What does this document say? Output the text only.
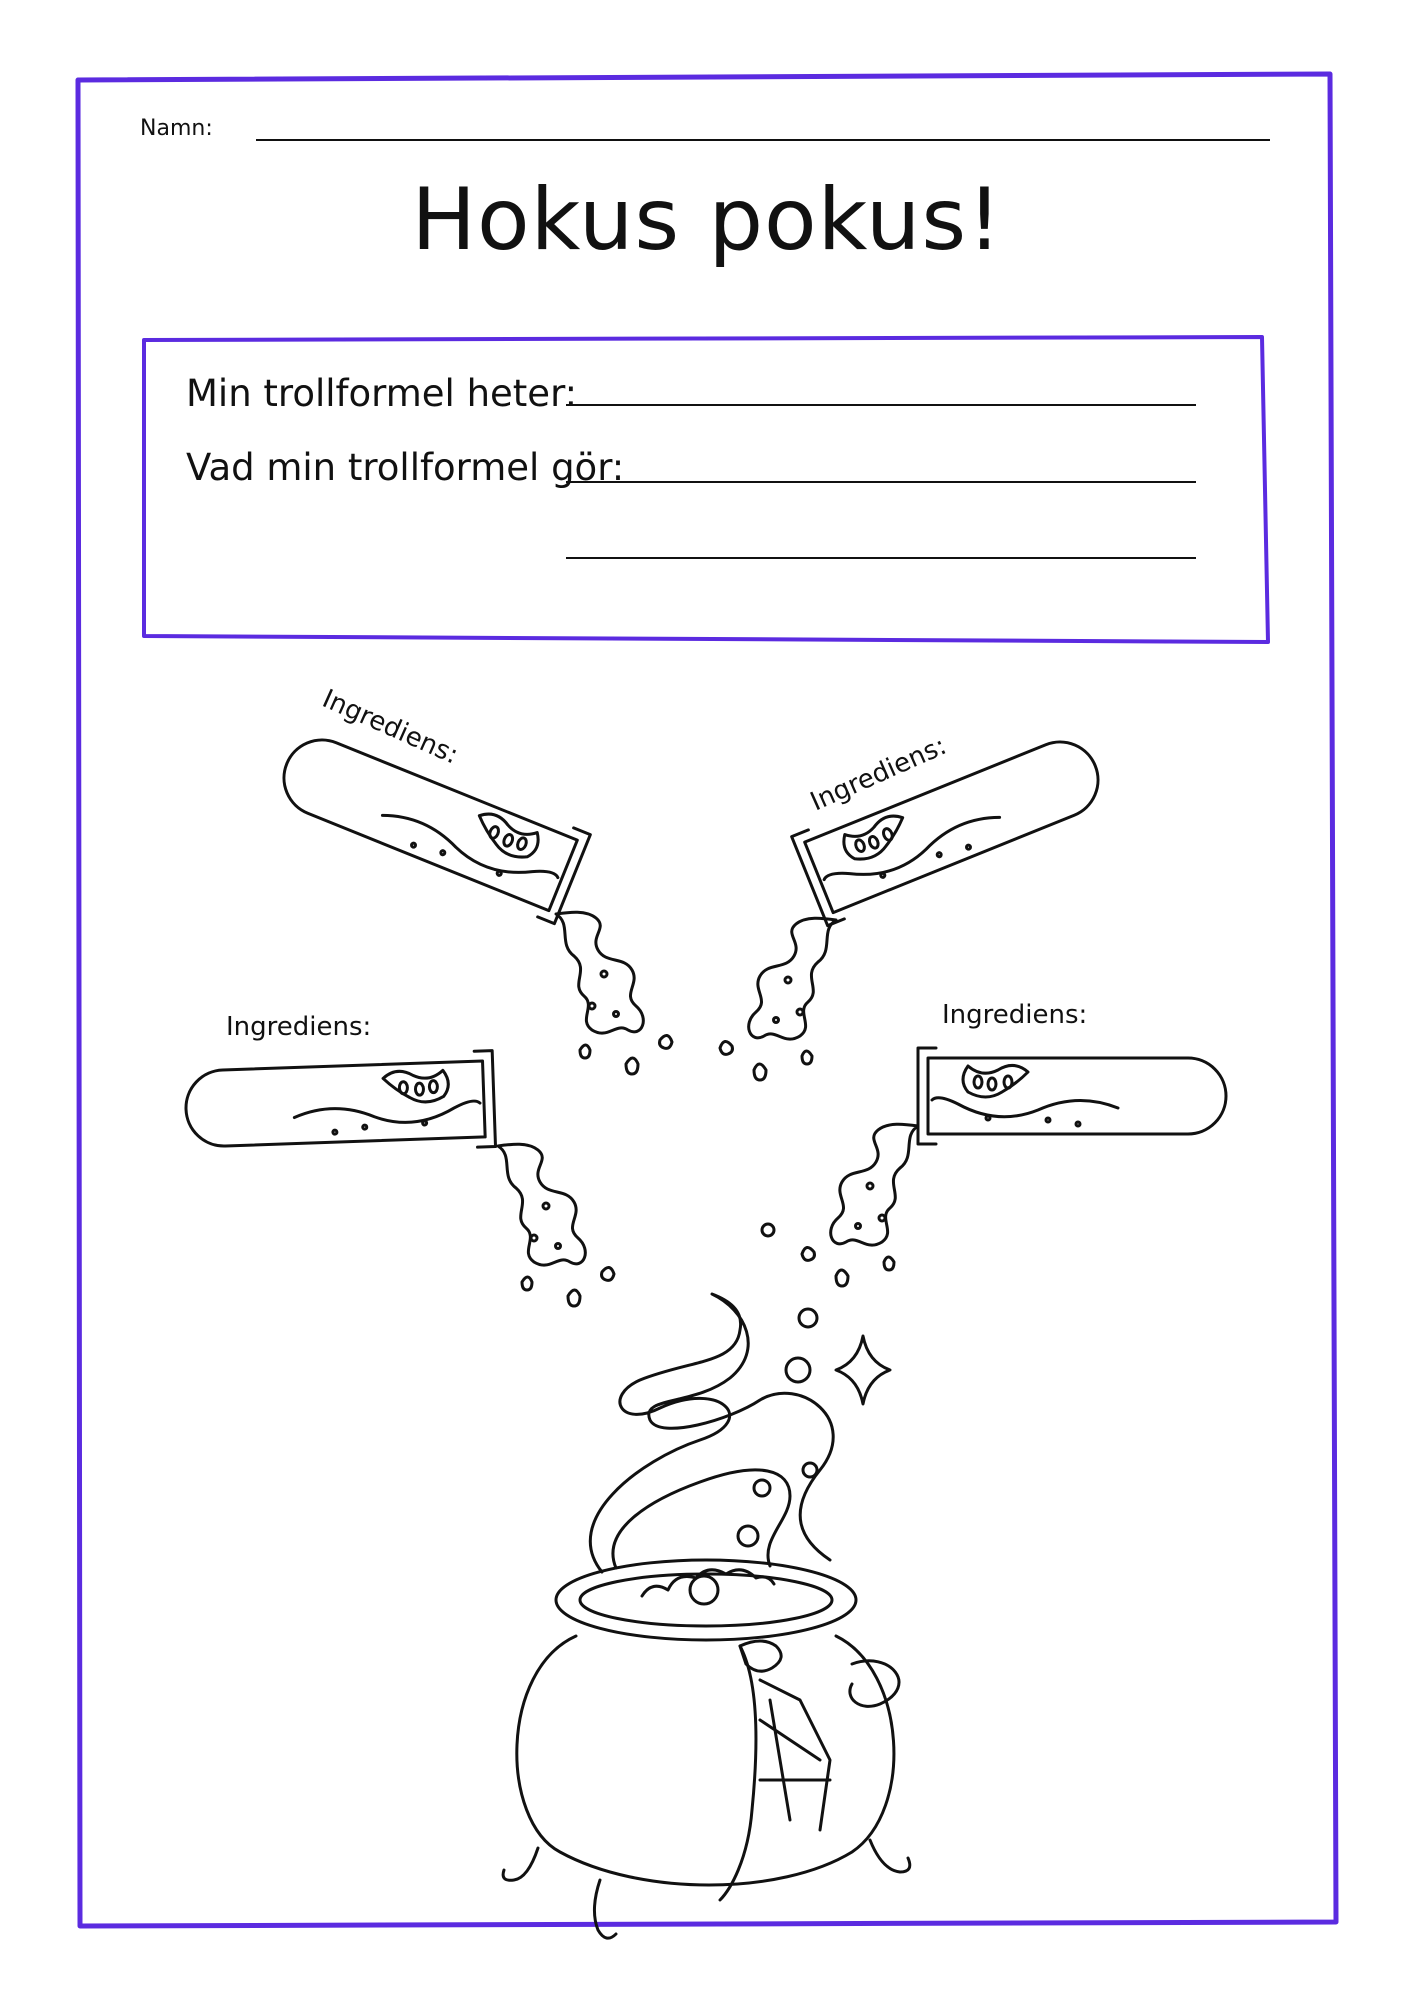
Namn:
Hokus pokus!
Min trollformel heter:
Vad min trollformel gör:
Ingrediens:
Ingrediens:
Ingrediens:	Ingrediens:
